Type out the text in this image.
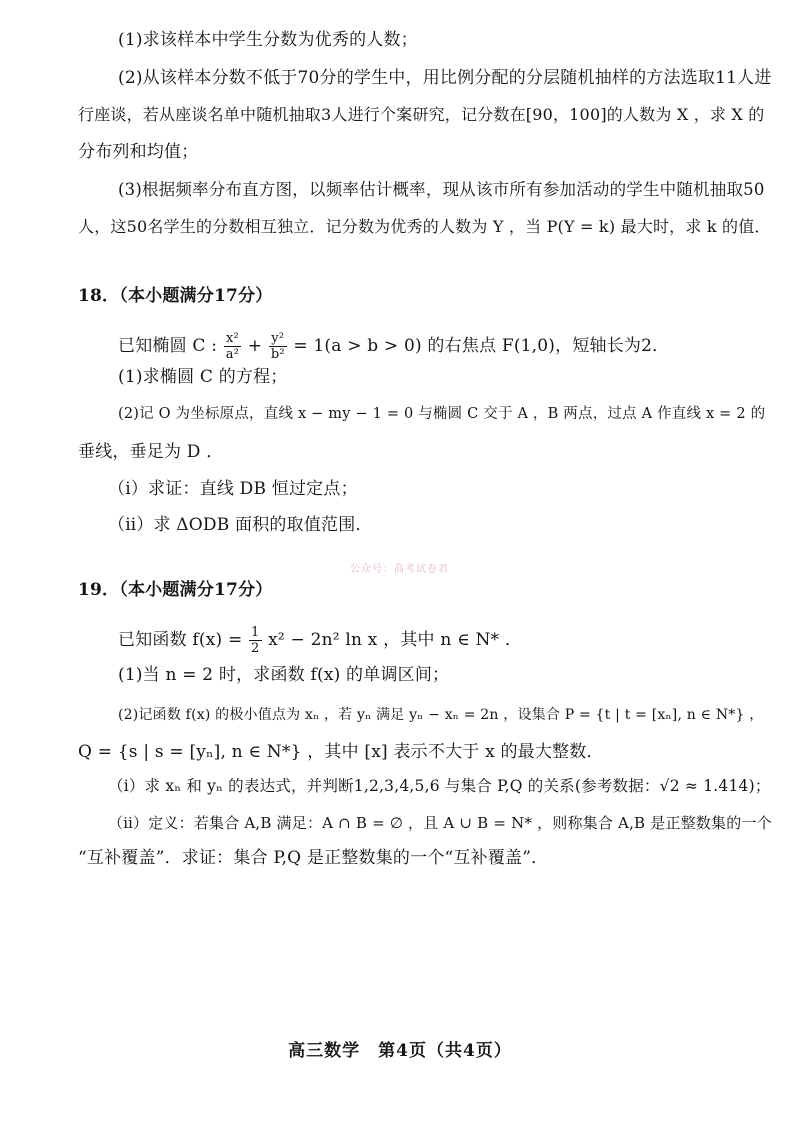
(1)求该样本中学生分数为优秀的人数；
(2)从该样本分数不低于70分的学生中，用比例分配的分层随机抽样的方法选取11人进
行座谈，若从座谈名单中随机抽取3人进行个案研究，记分数在[90，100]的人数为 X ，求 X 的
分布列和均值；
(3)根据频率分布直方图，以频率估计概率，现从该市所有参加活动的学生中随机抽取50
人，这50名学生的分数相互独立．记分数为优秀的人数为 Y ，当 P(Y = k) 最大时，求 k 的值．
18．（本小题满分17分）
已知椭圆 C : $\frac{\text{x²}}{\text{a²}} + \frac{\text{y²}}{\text{b²}} = 1(a > b > 0)$ 的右焦点 F(1,0)，短轴长为2．
(1)求椭圆 C 的方程；
(2)记 O 为坐标原点，直线 x − my − 1 = 0 与椭圆 C 交于 A ，B 两点，过点 A 作直线 x = 2 的
垂线，垂足为 D ．
（ⅰ）求证：直线 DB 恒过定点；
（ⅱ）求 ΔODB 面积的取值范围．
公众号：高考试卷君
19．（本小题满分17分）
已知函数 $f(x) = \frac{1}{2} x^2 - 2n^2$ ln x ，其中 n ∈ N* ．
(1)当 n = 2 时，求函数 f(x) 的单调区间；
(2)记函数 f(x) 的极小值点为 xₙ ，若 yₙ 满足 yₙ − xₙ = 2n ，设集合 P = {t | t = [xₙ], n ∈ N*} ，
Q = {s | s = [yₙ], n ∈ N*} ，其中 [x] 表示不大于 x 的最大整数．
（ⅰ）求 xₙ 和 yₙ 的表达式，并判断1,2,3,4,5,6 与集合 P,Q 的关系(参考数据：√2 ≈ 1.414)；
（ⅱ）定义：若集合 A,B 满足：A ∩ B = ∅ ，且 A ∪ B = N* ，则称集合 A,B 是正整数集的一个
“互补覆盖”．求证：集合 P,Q 是正整数集的一个“互补覆盖”．
高三数学　第4页（共4页）
